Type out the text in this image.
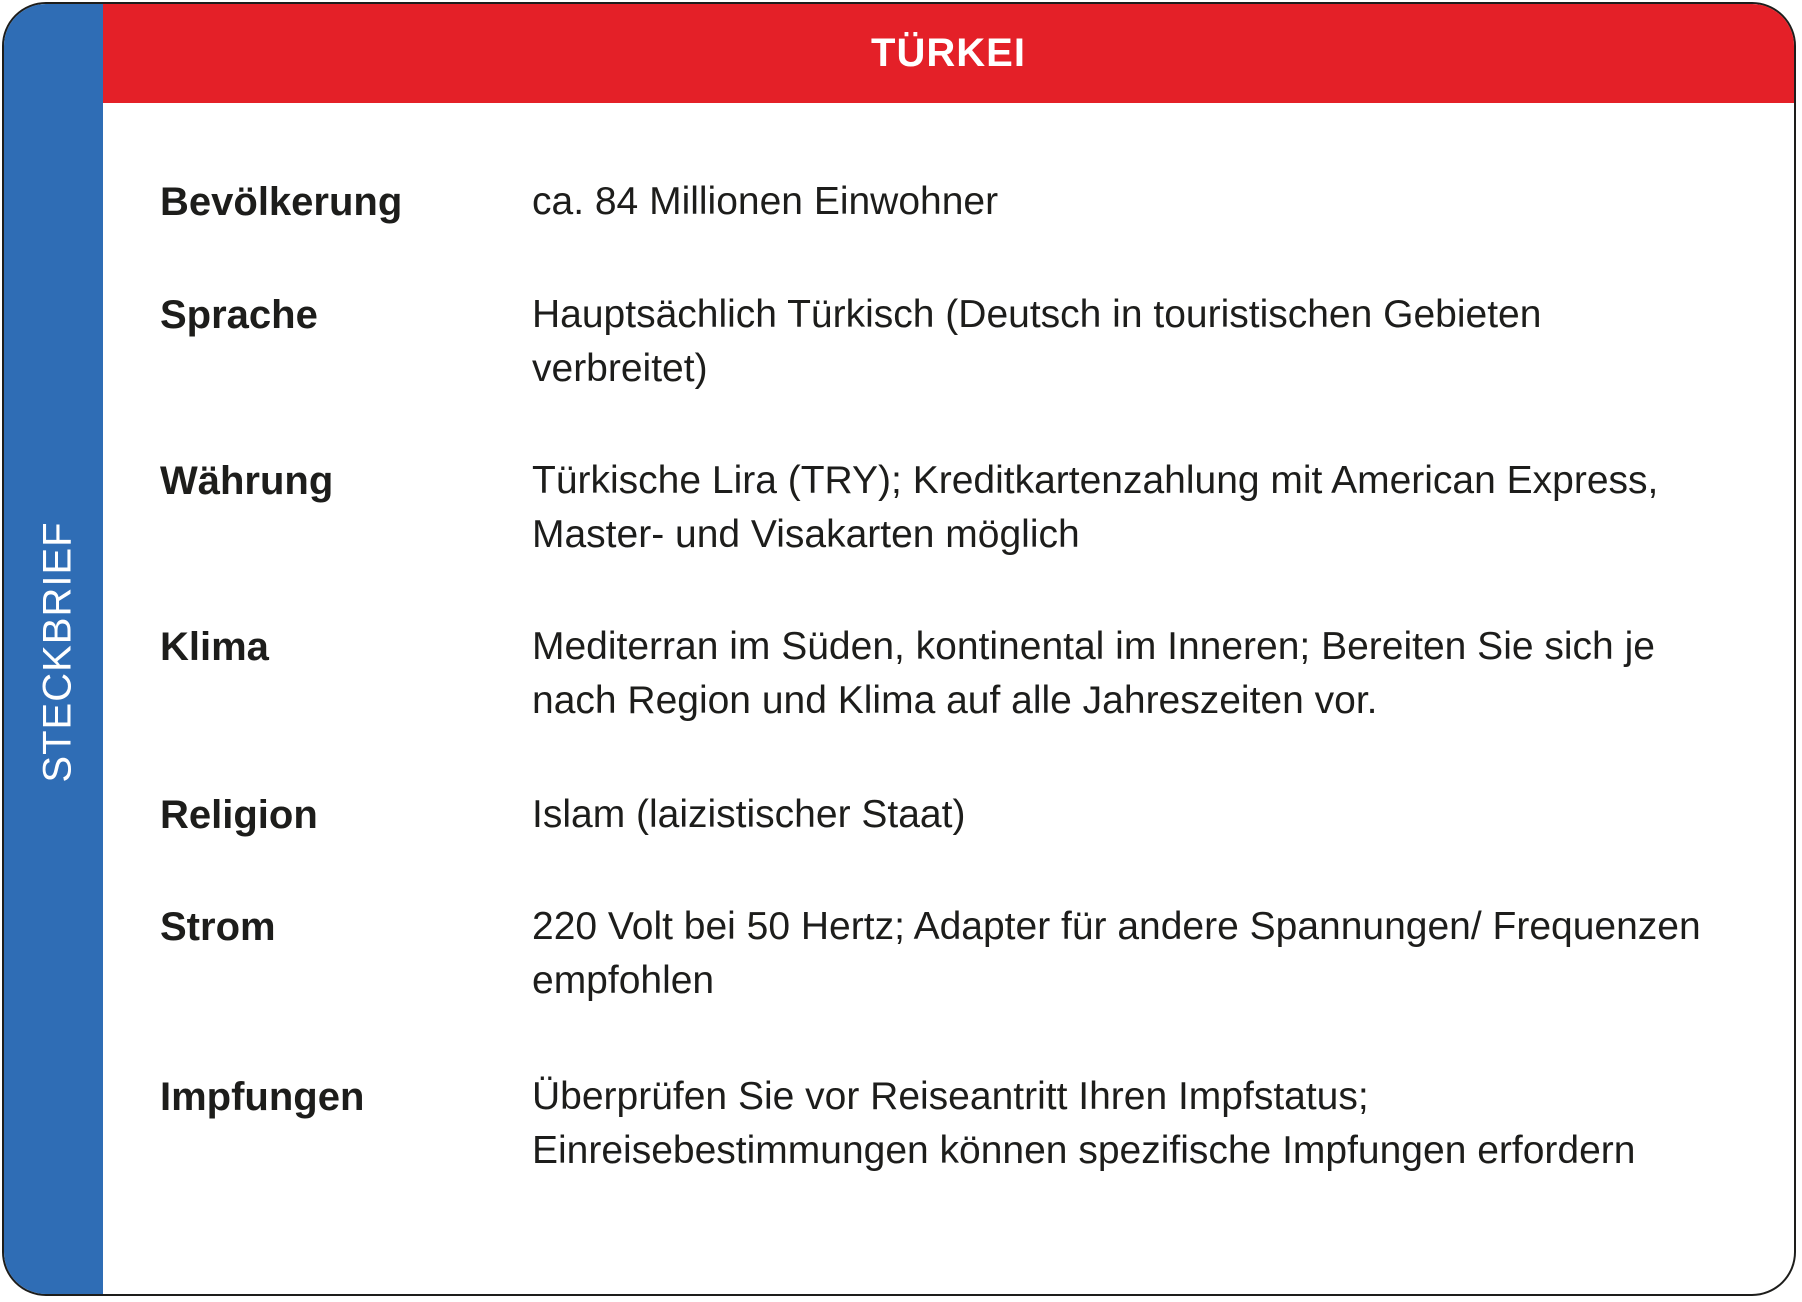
STECKBRIEF
TÜRKEI
Bevölkerung	ca. 84 Millionen Einwohner
Sprache	Hauptsächlich Türkisch (Deutsch in touristischen Gebieten verbreitet)
Währung	Türkische Lira (TRY); Kreditkartenzahlung mit American Express, Master- und Visakarten möglich
Klima	Mediterran im Süden, kontinental im Inneren; Bereiten Sie sich je nach Region und Klima auf alle Jahreszeiten vor.
Religion	Islam (laizistischer Staat)
Strom	220 Volt bei 50 Hertz; Adapter für andere Spannungen/ Frequenzen empfohlen
Impfungen	Überprüfen Sie vor Reiseantritt Ihren Impfstatus; Einreisebestimmungen können spezifische Impfungen erfordern
